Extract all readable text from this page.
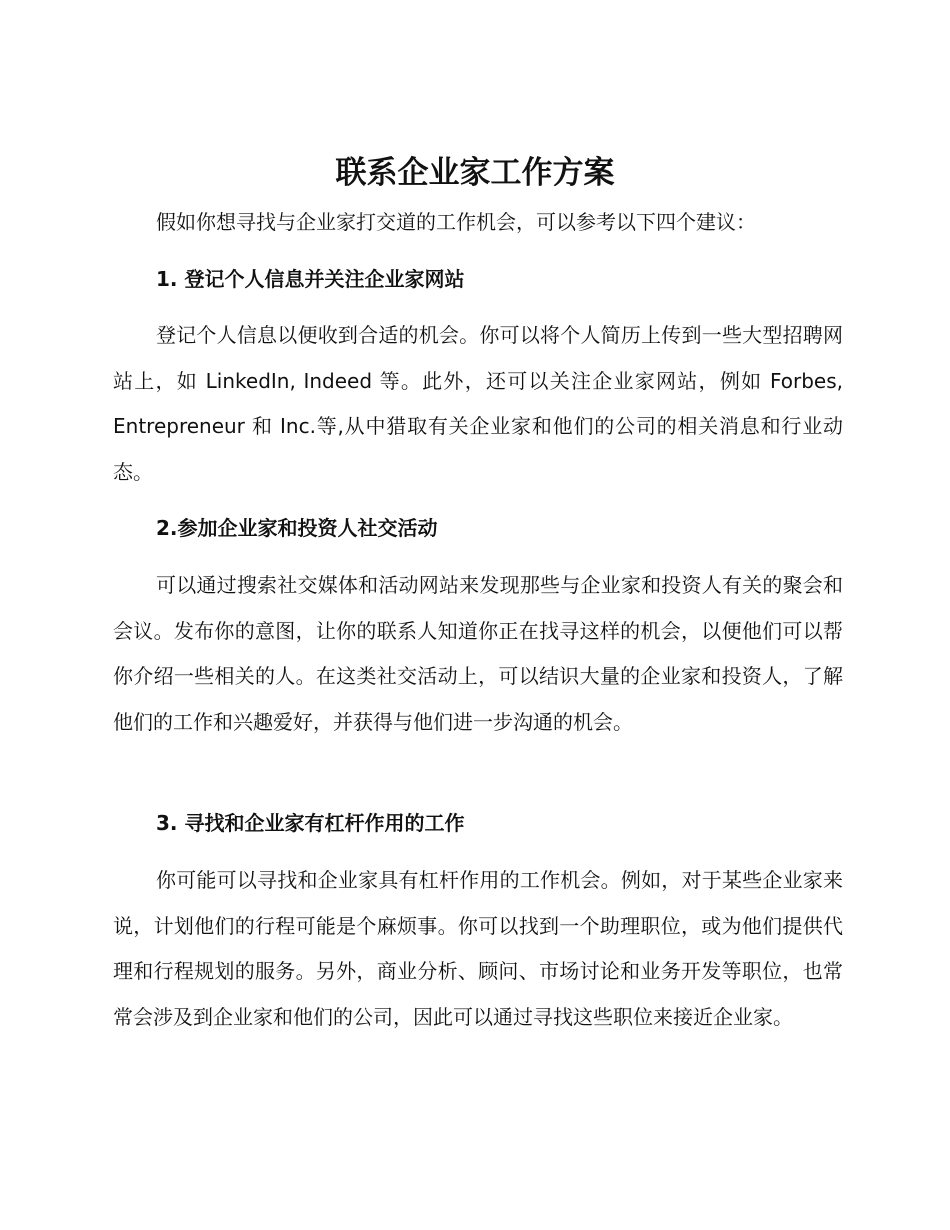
联系企业家工作方案

假如你想寻找与企业家打交道的工作机会，可以参考以下四个建议：

1. 登记个人信息并关注企业家网站

登记个人信息以便收到合适的机会。你可以将个人简历上传到一些大型招聘网站上，如 LinkedIn, Indeed 等。此外，还可以关注企业家网站，例如 Forbes, Entrepreneur 和 Inc.等,从中猎取有关企业家和他们的公司的相关消息和行业动态。

2.参加企业家和投资人社交活动

可以通过搜索社交媒体和活动网站来发现那些与企业家和投资人有关的聚会和会议。发布你的意图，让你的联系人知道你正在找寻这样的机会，以便他们可以帮你介绍一些相关的人。在这类社交活动上，可以结识大量的企业家和投资人，了解他们的工作和兴趣爱好，并获得与他们进一步沟通的机会。

3. 寻找和企业家有杠杆作用的工作

你可能可以寻找和企业家具有杠杆作用的工作机会。例如，对于某些企业家来说，计划他们的行程可能是个麻烦事。你可以找到一个助理职位，或为他们提供代理和行程规划的服务。另外，商业分析、顾问、市场讨论和业务开发等职位，也常常会涉及到企业家和他们的公司，因此可以通过寻找这些职位来接近企业家。
